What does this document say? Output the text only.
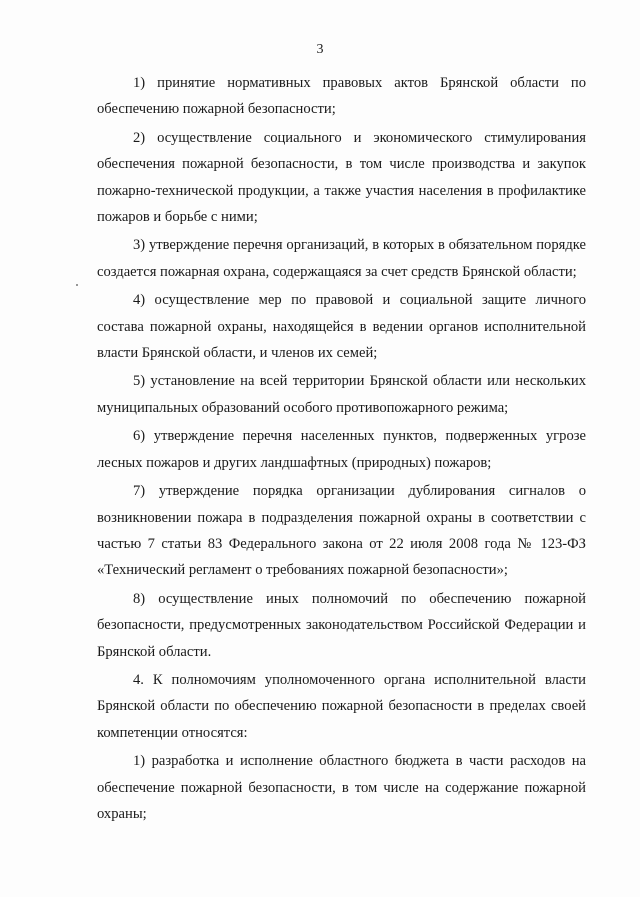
3

1) принятие нормативных правовых актов Брянской области по обеспечению пожарной безопасности;

2) осуществление социального и экономического стимулирования обеспечения пожарной безопасности, в том числе производства и закупок пожарно-технической продукции, а также участия населения в профилактике пожаров и борьбе с ними;

3) утверждение перечня организаций, в которых в обязательном порядке создается пожарная охрана, содержащаяся за счет средств Брянской области;

4) осуществление мер по правовой и социальной защите личного состава пожарной охраны, находящейся в ведении органов исполнительной власти Брянской области, и членов их семей;

5) установление на всей территории Брянской области или нескольких муниципальных образований особого противопожарного режима;

6) утверждение перечня населенных пунктов, подверженных угрозе лесных пожаров и других ландшафтных (природных) пожаров;

7) утверждение порядка организации дублирования сигналов о возникновении пожара в подразделения пожарной охраны в соответствии с частью 7 статьи 83 Федерального закона от 22 июля 2008 года № 123-ФЗ «Технический регламент о требованиях пожарной безопасности»;

8) осуществление иных полномочий по обеспечению пожарной безопасности, предусмотренных законодательством Российской Федерации и Брянской области.

4. К полномочиям уполномоченного органа исполнительной власти Брянской области по обеспечению пожарной безопасности в пределах своей компетенции относятся:

1) разработка и исполнение областного бюджета в части расходов на обеспечение пожарной безопасности, в том числе на содержание пожарной охраны;
